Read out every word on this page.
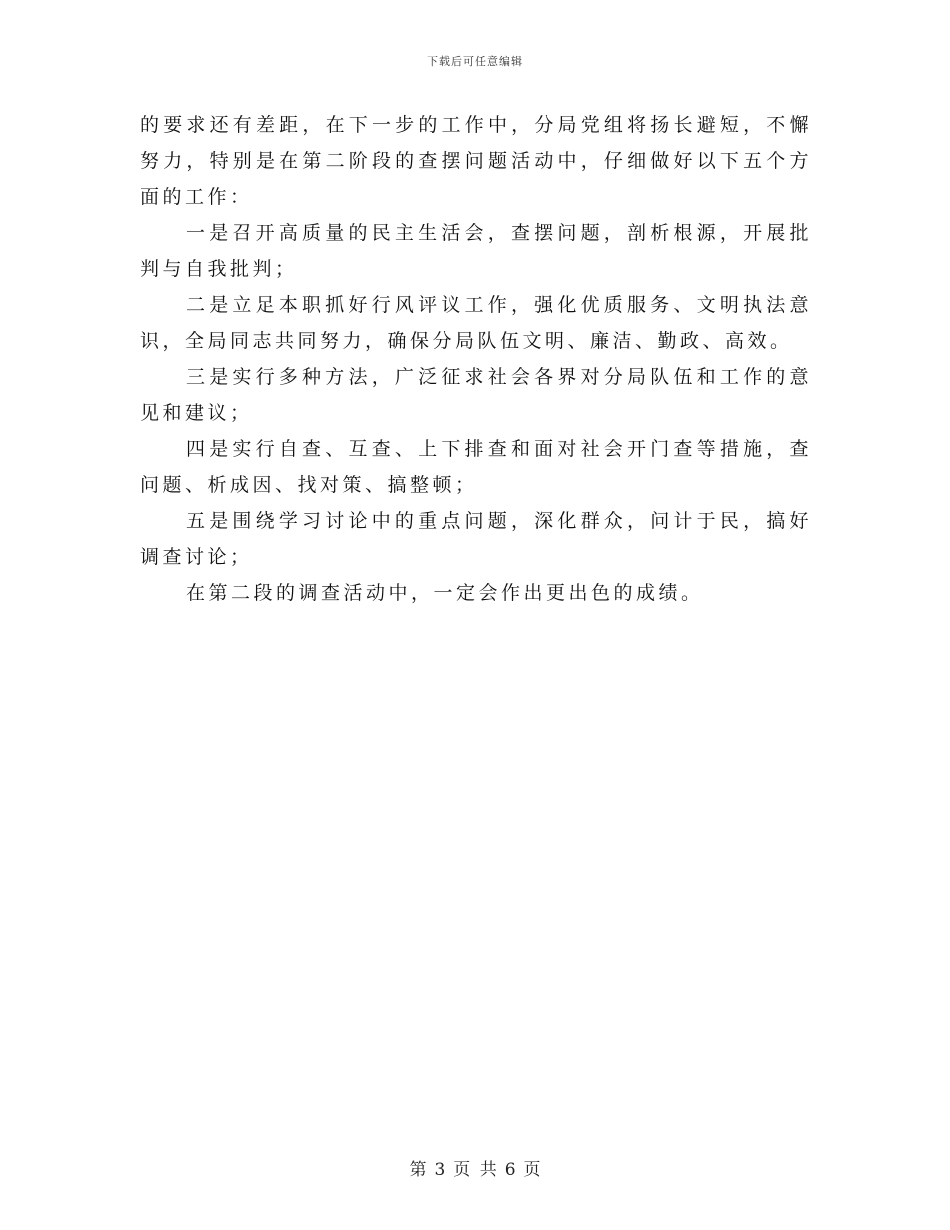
下载后可任意编辑

的要求还有差距，在下一步的工作中，分局党组将扬长避短，不懈努力，特别是在第二阶段的查摆问题活动中，仔细做好以下五个方面的工作：

一是召开高质量的民主生活会，查摆问题，剖析根源，开展批判与自我批判；

二是立足本职抓好行风评议工作，强化优质服务、文明执法意识，全局同志共同努力，确保分局队伍文明、廉洁、勤政、高效。

三是实行多种方法，广泛征求社会各界对分局队伍和工作的意见和建议；

四是实行自查、互查、上下排查和面对社会开门查等措施，查问题、析成因、找对策、搞整顿；

五是围绕学习讨论中的重点问题，深化群众，问计于民，搞好调查讨论；

在第二段的调查活动中，一定会作出更出色的成绩。

第 3 页 共 6 页
